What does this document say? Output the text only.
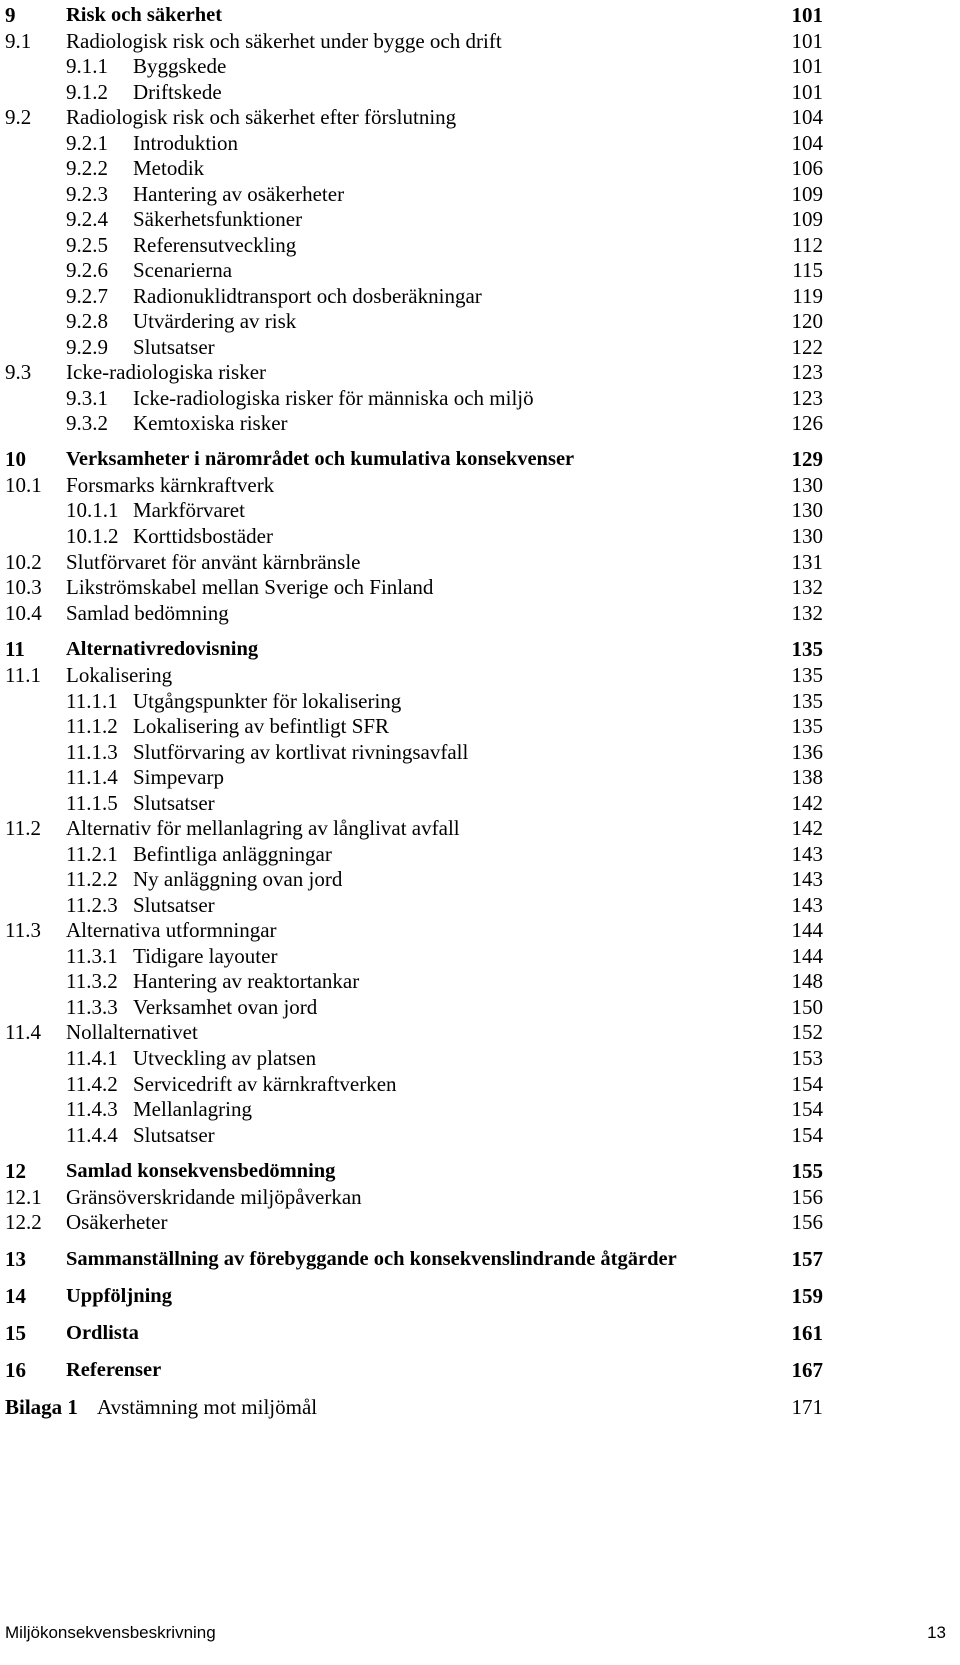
9 Risk och säkerhet	101
9.1 Radiologisk risk och säkerhet under bygge och drift	101
9.1.1 Byggskede	101
9.1.2 Driftskede	101
9.2 Radiologisk risk och säkerhet efter förslutning	104
9.2.1 Introduktion	104
9.2.2 Metodik	106
9.2.3 Hantering av osäkerheter	109
9.2.4 Säkerhetsfunktioner	109
9.2.5 Referensutveckling	112
9.2.6 Scenarierna	115
9.2.7 Radionuklidtransport och dosberäkningar	119
9.2.8 Utvärdering av risk	120
9.2.9 Slutsatser	122
9.3 Icke-radiologiska risker	123
9.3.1 Icke-radiologiska risker för människa och miljö	123
9.3.2 Kemtoxiska risker	126
10 Verksamheter i närområdet och kumulativa konsekvenser	129
10.1 Forsmarks kärnkraftverk	130
10.1.1 Markförvaret	130
10.1.2 Korttidsbostäder	130
10.2 Slutförvaret för använt kärnbränsle	131
10.3 Likströmskabel mellan Sverige och Finland	132
10.4 Samlad bedömning	132
11 Alternativredovisning	135
11.1 Lokalisering	135
11.1.1 Utgångspunkter för lokalisering	135
11.1.2 Lokalisering av befintligt SFR	135
11.1.3 Slutförvaring av kortlivat rivningsavfall	136
11.1.4 Simpevarp	138
11.1.5 Slutsatser	142
11.2 Alternativ för mellanlagring av långlivat avfall	142
11.2.1 Befintliga anläggningar	143
11.2.2 Ny anläggning ovan jord	143
11.2.3 Slutsatser	143
11.3 Alternativa utformningar	144
11.3.1 Tidigare layouter	144
11.3.2 Hantering av reaktortankar	148
11.3.3 Verksamhet ovan jord	150
11.4 Nollalternativet	152
11.4.1 Utveckling av platsen	153
11.4.2 Servicedrift av kärnkraftverken	154
11.4.3 Mellanlagring	154
11.4.4 Slutsatser	154
12 Samlad konsekvensbedömning	155
12.1 Gränsöverskridande miljöpåverkan	156
12.2 Osäkerheter	156
13 Sammanställning av förebyggande och konsekvenslindrande åtgärder	157
14 Uppföljning	159
15 Ordlista	161
16 Referenser	167
Bilaga 1 Avstämning mot miljömål	171
Miljökonsekvensbeskrivning	13
